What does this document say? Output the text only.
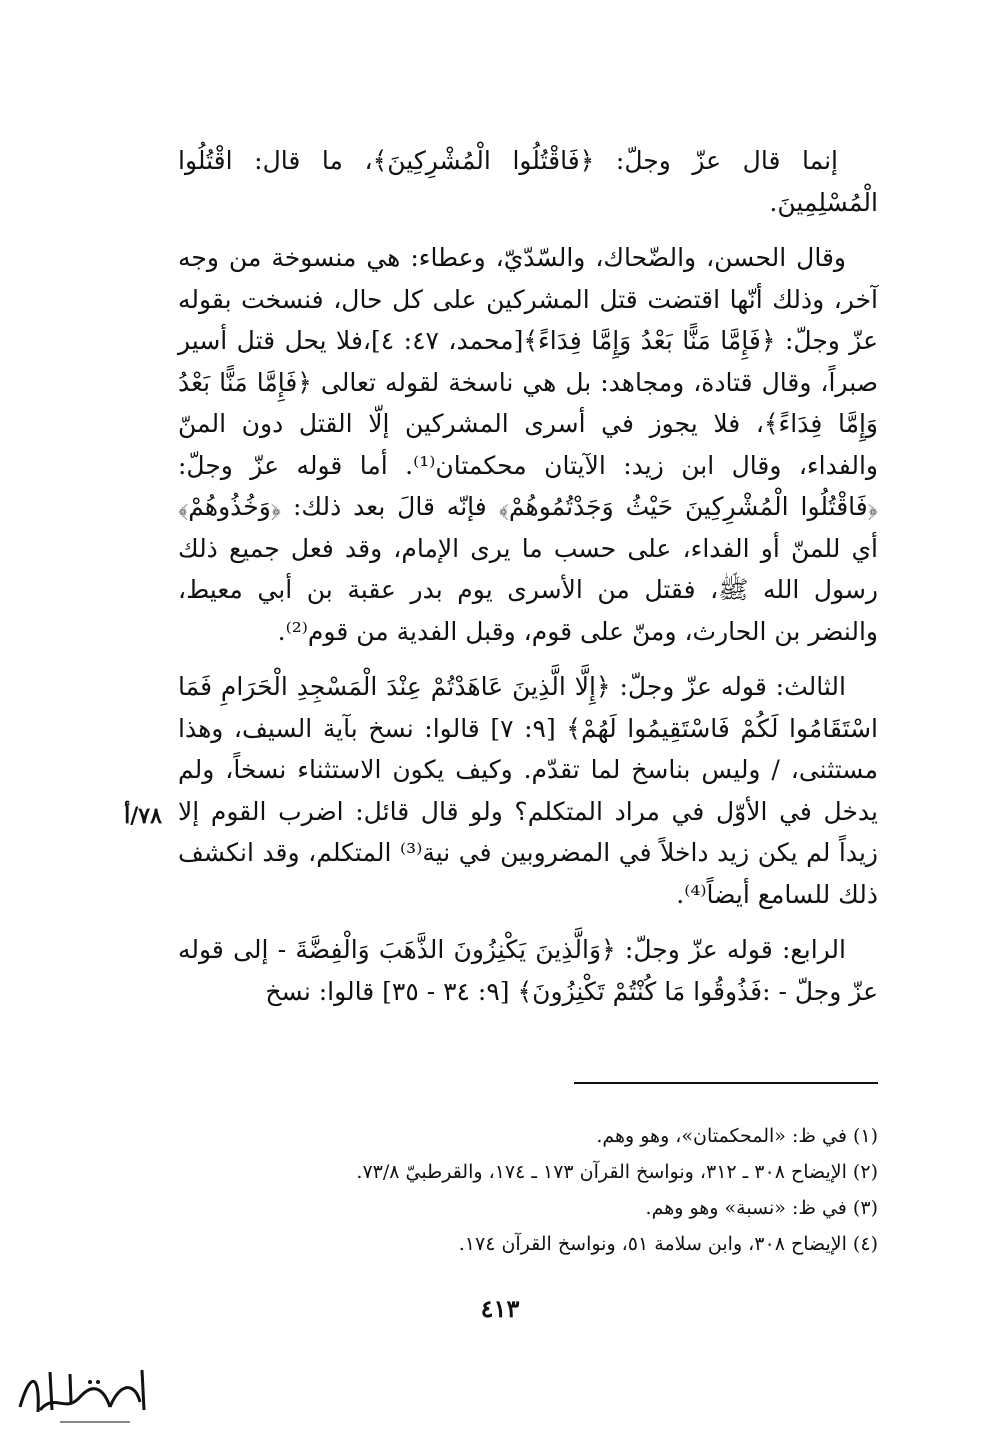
إنما قال عزّ وجلّ: ﴿فَاقْتُلُوا الْمُشْرِكِينَ﴾، ما قال: اقْتُلُوا الْمُسْلِمِينَ.

وقال الحسن، والضّحاك، والسّدّيّ، وعطاء: هي منسوخة من وجه آخر، وذلك أنّها اقتضت قتل المشركين على كل حال، فنسخت بقوله عزّ وجلّ: ﴿فَإِمَّا مَنًّا بَعْدُ وَإِمَّا فِدَاءً﴾[محمد، ٤٧: ٤]،فلا يحل قتل أسير صبراً، وقال قتادة، ومجاهد: بل هي ناسخة لقوله تعالى ﴿فَإِمَّا مَنًّا بَعْدُ وَإِمَّا فِدَاءً﴾، فلا يجوز في أسرى المشركين إلّا القتل دون المنّ والفداء، وقال ابن زيد: الآيتان محكمتان⁽¹⁾. أما قوله عزّ وجلّ: ﴿فَاقْتُلُوا الْمُشْرِكِينَ حَيْثُ وَجَدْتُمُوهُمْ﴾ فإنّه قالَ بعد ذلك: ﴿وَخُذُوهُمْ﴾ أي للمنّ أو الفداء، على حسب ما يرى الإمام، وقد فعل جميع ذلك رسول الله ﷺ، فقتل من الأسرى يوم بدر عقبة بن أبي معيط، والنضر بن الحارث، ومنّ على قوم، وقبل الفدية من قوم⁽²⁾.

الثالث: قوله عزّ وجلّ: ﴿إِلَّا الَّذِينَ عَاهَدْتُمْ عِنْدَ الْمَسْجِدِ الْحَرَامِ فَمَا اسْتَقَامُوا لَكُمْ فَاسْتَقِيمُوا لَهُمْ﴾ [٩: ٧] قالوا: نسخ بآية السيف، وهذا مستثنى، / وليس بناسخ لما تقدّم. وكيف يكون الاستثناء نسخاً، ولم يدخل في الأوّل في مراد المتكلم؟ ولو قال قائل: اضرب القوم إلا زيداً لم يكن زيد داخلاً في المضروبين في نية⁽³⁾ المتكلم، وقد انكشف ذلك للسامع أيضاً⁽⁴⁾.

الرابع: قوله عزّ وجلّ: ﴿وَالَّذِينَ يَكْنِزُونَ الذَّهَبَ وَالْفِضَّةَ - إلى قوله عزّ وجلّ - :فَذُوقُوا مَا كُنْتُمْ تَكْنِزُونَ﴾ [٩: ٣٤ - ٣٥] قالوا: نسخ

٧٨/أ
(١) في ظ: «المحكمتان»، وهو وهم.
(٢) الإيضاح ٣٠٨ ـ ٣١٢، ونواسخ القرآن ١٧٣ ـ ١٧٤، والقرطبيّ ٧٣/٨.
(٣) في ظ: «نسبة» وهو وهم.
(٤) الإيضاح ٣٠٨، وابن سلامة ٥١، ونواسخ القرآن ١٧٤.
٤١٣
